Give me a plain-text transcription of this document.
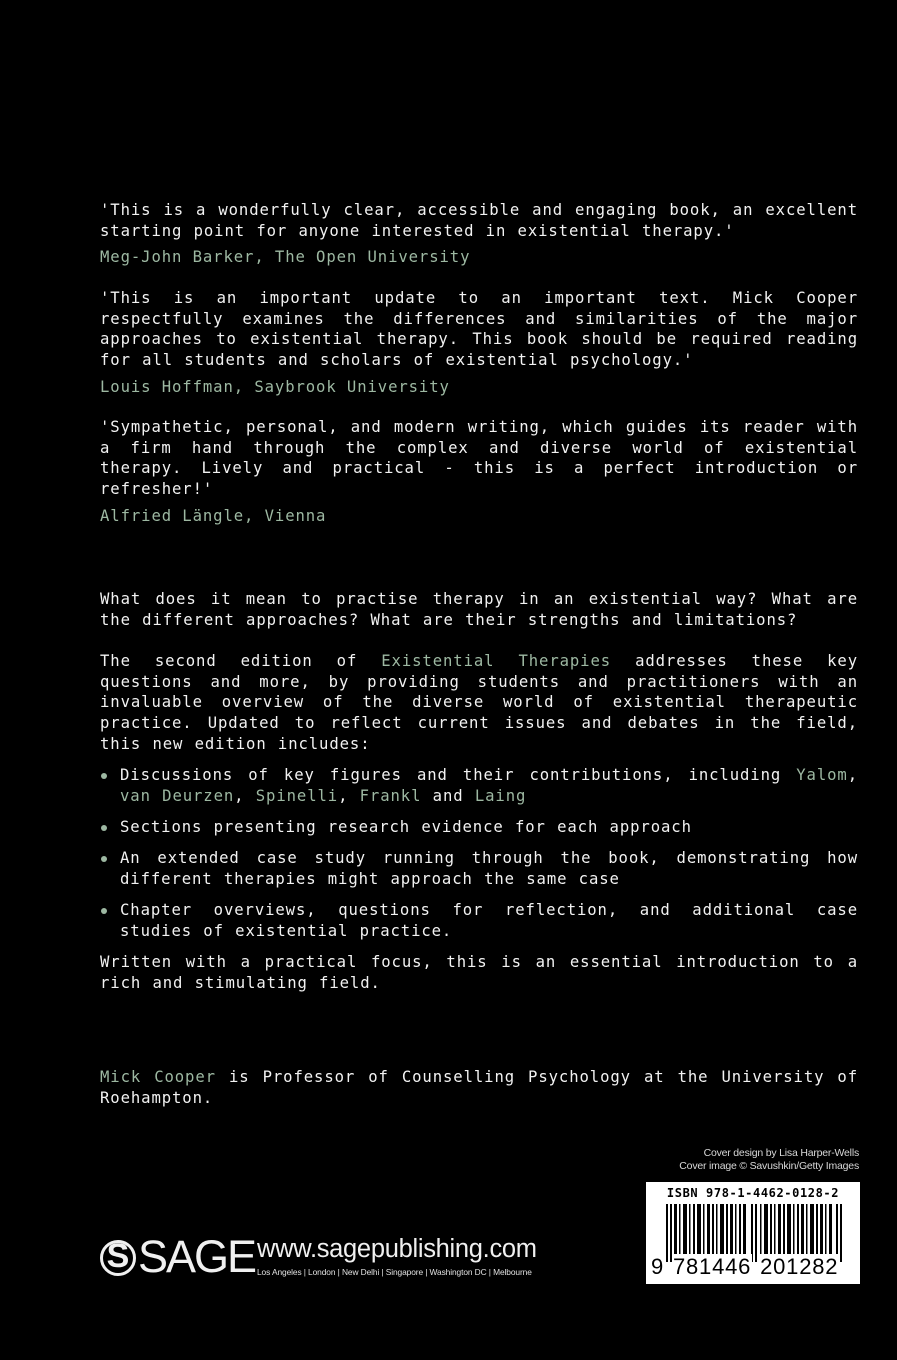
'This is a wonderfully clear, accessible and engaging book, an excellent starting point for anyone interested in existential therapy.'

Meg-John Barker, The Open University

'This is an important update to an important text. Mick Cooper respectfully examines the differences and similarities of the major approaches to existential therapy. This book should be required reading for all students and scholars of existential psychology.'

Louis Hoffman, Saybrook University

'Sympathetic, personal, and modern writing, which guides its reader with a firm hand through the complex and diverse world of existential therapy. Lively and practical - this is a perfect introduction or refresher!'

Alfried Längle, Vienna

What does it mean to practise therapy in an existential way? What are the different approaches? What are their strengths and limitations?

The second edition of Existential Therapies addresses these key questions and more, by providing students and practitioners with an invaluable overview of the diverse world of existential therapeutic practice. Updated to reflect current issues and debates in the field, this new edition includes:

Discussions of key figures and their contributions, including Yalom, van Deurzen, Spinelli, Frankl and Laing
Sections presenting research evidence for each approach
An extended case study running through the book, demonstrating how different therapies might approach the same case
Chapter overviews, questions for reflection, and additional case studies of existential practice.

Written with a practical focus, this is an essential introduction to a rich and stimulating field.

Mick Cooper is Professor of Counselling Psychology at the University of Roehampton.

Cover design by Lisa Harper-Wells
Cover image © Savushkin/Getty Images
ISBN 978-1-4462-0128-2
9 781446 201282
S SAGE www.sagepublishing.com
Los Angeles | London | New Delhi | Singapore | Washington DC | Melbourne
